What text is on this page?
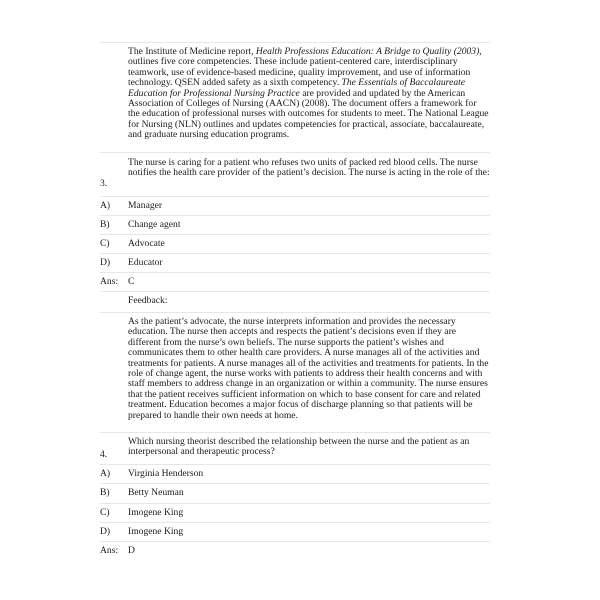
The Institute of Medicine report, Health Professions Education: A Bridge to Quality (2003), outlines five core competencies. These include patient-centered care, interdisciplinary teamwork, use of evidence-based medicine, quality improvement, and use of information technology. QSEN added safety as a sixth competency. The Essentials of Baccalaureate Education for Professional Nursing Practice are provided and updated by the American Association of Colleges of Nursing (AACN) (2008). The document offers a framework for the education of professional nurses with outcomes for students to meet. The National League for Nursing (NLN) outlines and updates competencies for practical, associate, baccalaureate, and graduate nursing education programs.

3.
The nurse is caring for a patient who refuses two units of packed red blood cells. The nurse notifies the health care provider of the patient’s decision. The nurse is acting in the role of the:
A)	Manager
B)	Change agent
C)	Advocate
D)	Educator
Ans:	C
Feedback:
As the patient’s advocate, the nurse interprets information and provides the necessary education. The nurse then accepts and respects the patient’s decisions even if they are different from the nurse’s own beliefs. The nurse supports the patient’s wishes and communicates them to other health care providers. A nurse manages all of the activities and treatments for patients. A nurse manages all of the activities and treatments for patients. In the role of change agent, the nurse works with patients to address their health concerns and with staff members to address change in an organization or within a community. The nurse ensures that the patient receives sufficient information on which to base consent for care and related treatment. Education becomes a major focus of discharge planning so that patients will be prepared to handle their own needs at home.
4.
Which nursing theorist described the relationship between the nurse and the patient as an interpersonal and therapeutic process?
A)	Virginia Henderson
B)	Betty Neuman
C)	Imogene King
D)	Imogene King
Ans:	D
